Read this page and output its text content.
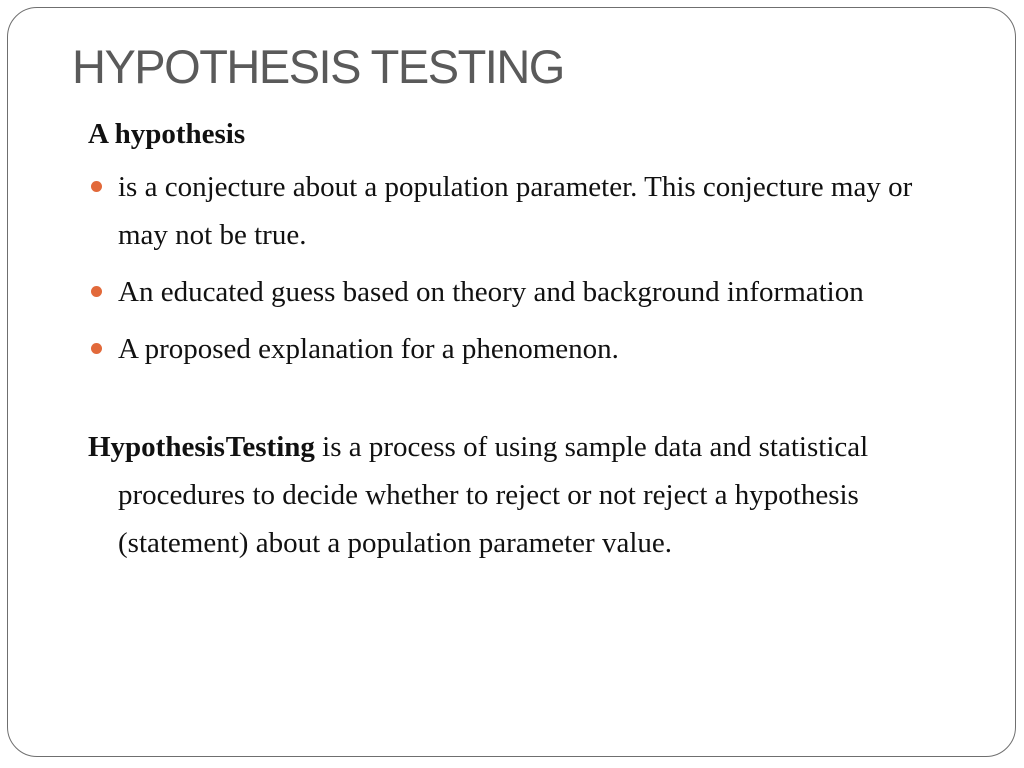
HYPOTHESIS TESTING

A hypothesis

is a conjecture about a population parameter. This conjecture may or may not be true.
An educated guess based on theory and background information
A proposed explanation for a phenomenon.

Hypothesis Testing is a process of using sample data and statistical procedures to decide whether to reject or not reject a hypothesis (statement) about a population parameter value.
